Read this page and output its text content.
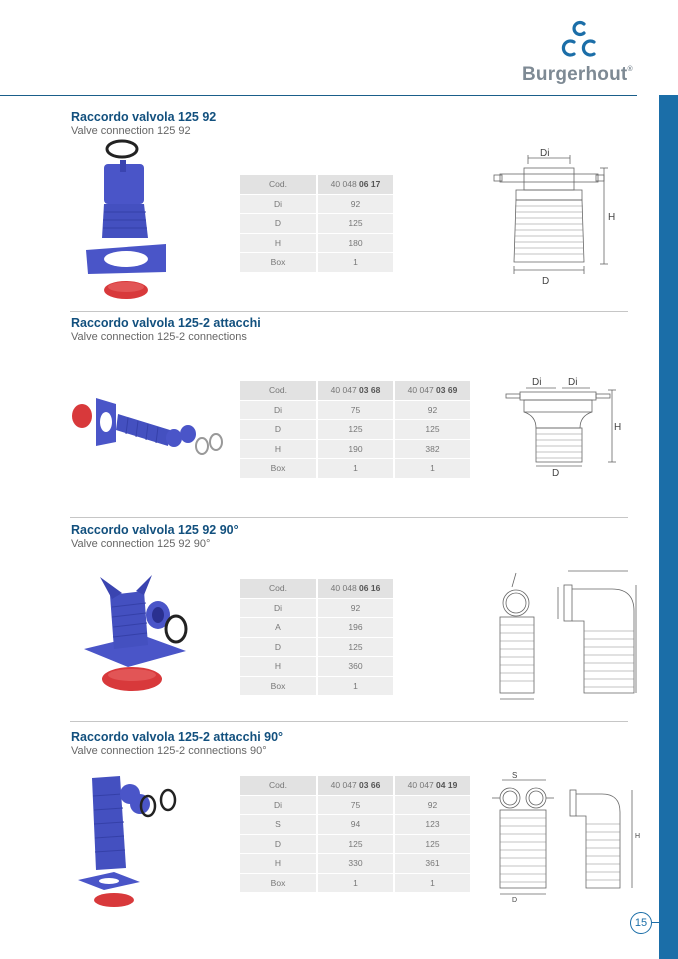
Burgerhout®
Raccordo valvola 125 92
Valve connection 125 92
Cod.	40 048 06 17
Di	92
D	125
H	180
Box	1
Di
H
D
Raccordo valvola 125-2 attacchi
Valve connection 125-2 connections
Cod.	40 047 03 68	40 047 03 69
Di	75	92
D	125	125
H	190	382
Box	1	1
Di	Di
H
D
Raccordo valvola 125 92 90°
Valve connection 125 92 90°
Cod.	40 048 06 16
Di	92
A	196
D	125
H	360
Box	1
Raccordo valvola 125-2 attacchi 90°
Valve connection 125-2 connections 90°
Cod.	40 047 03 66	40 047 04 19
Di	75	92
S	94	123
D	125	125
H	330	361
Box	1	1
S
H
D
15
